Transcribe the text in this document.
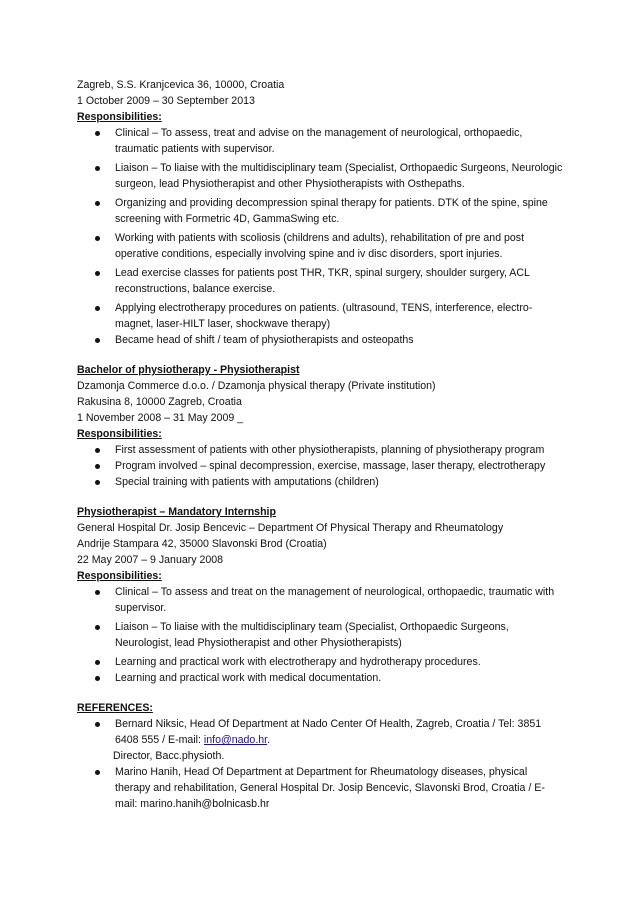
Zagreb, S.S. Kranjcevica 36, 10000, Croatia
1 October 2009 – 30 September 2013
Responsibilities:
Clinical – To assess, treat and advise on the management of neurological, orthopaedic, traumatic patients with supervisor.
Liaison – To liaise with the multidisciplinary team (Specialist, Orthopaedic Surgeons, Neurologic surgeon, lead Physiotherapist and other Physiotherapists with Osthepaths.
Organizing and providing decompression spinal therapy for patients. DTK of the spine, spine screening with Formetric 4D, GammaSwing etc.
Working with patients with scoliosis (childrens and adults), rehabilitation of pre and post operative conditions, especially involving spine and iv disc disorders, sport injuries.
Lead exercise classes for patients post THR, TKR, spinal surgery, shoulder surgery, ACL reconstructions, balance exercise.
Applying electrotherapy procedures on patients. (ultrasound, TENS, interference, electro-magnet, laser-HILT laser, shockwave therapy)
Became head of shift / team of physiotherapists and osteopaths
Bachelor of physiotherapy - Physiotherapist
Dzamonja Commerce d.o.o. / Dzamonja physical therapy (Private institution)
Rakusina 8, 10000 Zagreb, Croatia
1 November 2008 – 31 May 2009 _
Responsibilities:
First assessment of patients with other physiotherapists, planning of physiotherapy program
Program involved – spinal decompression, exercise, massage, laser therapy, electrotherapy
Special training with patients with amputations (children)
Physiotherapist – Mandatory Internship
General Hospital Dr. Josip Bencevic – Department Of Physical Therapy and Rheumatology
Andrije Stampara 42, 35000 Slavonski Brod (Croatia)
22 May 2007 – 9 January 2008
Responsibilities:
Clinical – To assess and treat on the management of neurological, orthopaedic, traumatic with supervisor.
Liaison – To liaise with the multidisciplinary team (Specialist, Orthopaedic Surgeons, Neurologist, lead Physiotherapist and other Physiotherapists)
Learning and practical work with electrotherapy and hydrotherapy procedures.
Learning and practical work with medical documentation.
REFERENCES:
Bernard Niksic, Head Of Department at Nado Center Of Health, Zagreb, Croatia / Tel: 3851 6408 555 / E-mail: info@nado.hr.
Director, Bacc.physioth.
Marino Hanih, Head Of Department at Department for Rheumatology diseases, physical therapy and rehabilitation, General Hospital Dr. Josip Bencevic, Slavonski Brod, Croatia / E-mail: marino.hanih@bolnicasb.hr
